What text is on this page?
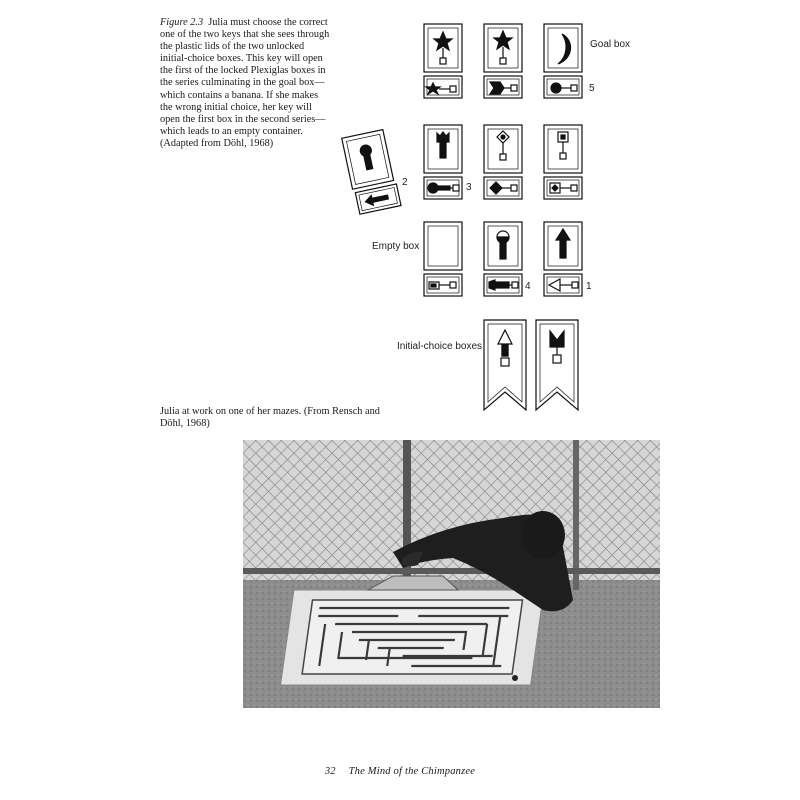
Figure 2.3 Julia must choose the correct one of the two keys that she sees through the plastic lids of the two unlocked initial-choice boxes. This key will open the first of the locked Plexiglas boxes in the series culminating in the goal box—which contains a banana. If she makes the wrong initial choice, her key will open the first box in the second series—which leads to an empty container. (Adapted from Döhl, 1968)

Goal box
5
2	3
Empty box
4	1
Initial-choice boxes

Julia at work on one of her mazes. (From Rensch and Döhl, 1968)

32 The Mind of the Chimpanzee
